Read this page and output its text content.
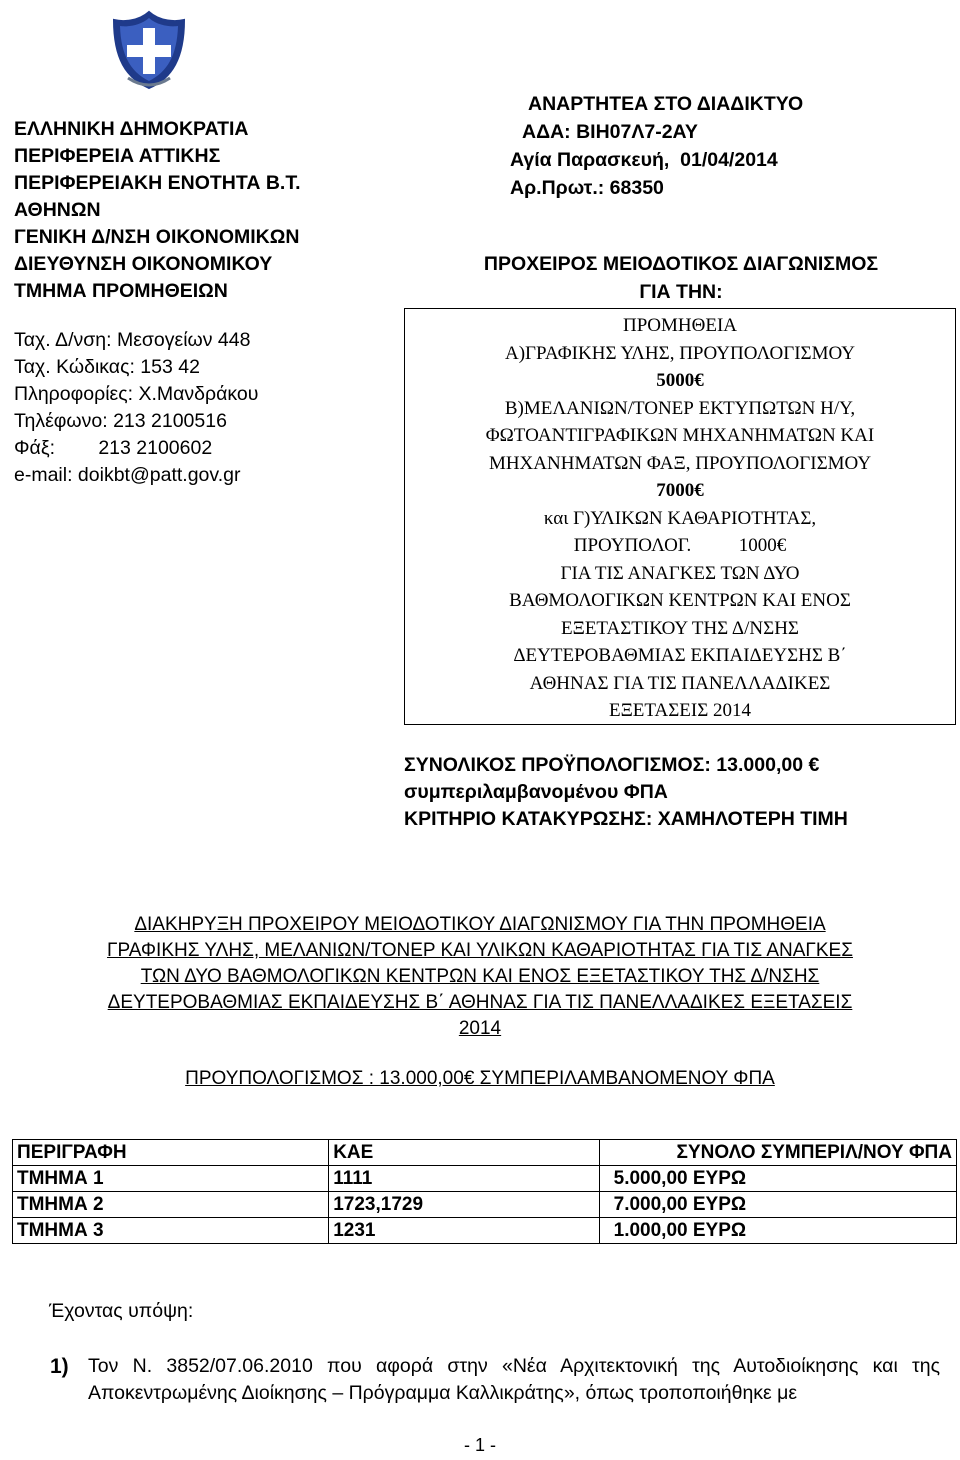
ΕΛΛΗΝΙΚΗ ΔΗΜΟΚΡΑΤΙΑ
ΠΕΡΙΦΕΡΕΙΑ ΑΤΤΙΚΗΣ
ΠΕΡΙΦΕΡΕΙΑΚΗ ΕΝΟΤΗΤΑ Β.Τ.
ΑΘΗΝΩΝ
ΓΕΝΙΚΗ Δ/ΝΣΗ ΟΙΚΟΝΟΜΙΚΩΝ
ΔΙΕΥΘΥΝΣΗ ΟΙΚΟΝΟΜΙΚΟΥ
ΤΜΗΜΑ ΠΡΟΜΗΘΕΙΩΝ
Ταχ. Δ/νση: Μεσογείων 448
Ταχ. Κώδικας: 153 42
Πληροφορίες: Χ.Μανδράκου
Τηλέφωνο: 213 2100516
Φάξ:        213 2100602
e-mail: doikbt@patt.gov.gr
ΑΝΑΡΤΗΤΕΑ ΣΤΟ ΔΙΑΔΙΚΤΥΟ
ΑΔΑ: ΒΙΗ07Λ7-2ΑΥ
Αγία Παρασκευή,  01/04/2014
Αρ.Πρωτ.: 68350
ΠΡΟΧΕΙΡΟΣ ΜΕΙΟΔΟΤΙΚΟΣ ΔΙΑΓΩΝΙΣΜΟΣ
ΓΙΑ ΤΗΝ:
ΠΡΟΜΗΘΕΙΑ
Α)ΓΡΑΦΙΚΗΣ ΥΛΗΣ, ΠΡΟΥΠΟΛΟΓΙΣΜΟΥ
5000€
Β)ΜΕΛΑΝΙΩΝ/ΤΟΝΕΡ ΕΚΤΥΠΩΤΩΝ Η/Υ,
ΦΩΤΟΑΝΤΙΓΡΑΦΙΚΩΝ ΜΗΧΑΝΗΜΑΤΩΝ ΚΑΙ
ΜΗΧΑΝΗΜΑΤΩΝ ΦΑΞ, ΠΡΟΥΠΟΛΟΓΙΣΜΟΥ
7000€
και Γ)ΥΛΙΚΩΝ ΚΑΘΑΡΙΟΤΗΤΑΣ,
ΠΡΟΥΠΟΛΟΓ.          1000€
ΓΙΑ ΤΙΣ ΑΝΑΓΚΕΣ ΤΩΝ ΔΥΟ
ΒΑΘΜΟΛΟΓΙΚΩΝ ΚΕΝΤΡΩΝ ΚΑΙ ΕΝΟΣ
ΕΞΕΤΑΣΤΙΚΟΥ ΤΗΣ Δ/ΝΣΗΣ
ΔΕΥΤΕΡΟΒΑΘΜΙΑΣ ΕΚΠΑΙΔΕΥΣΗΣ Β΄
ΑΘΗΝΑΣ ΓΙΑ ΤΙΣ ΠΑΝΕΛΛΑΔΙΚΕΣ
ΕΞΕΤΑΣΕΙΣ 2014
ΣΥΝΟΛΙΚΟΣ ΠΡΟΫΠΟΛΟΓΙΣΜΟΣ: 13.000,00 €
συμπεριλαμβανομένου ΦΠΑ
ΚΡΙΤΗΡΙΟ ΚΑΤΑΚΥΡΩΣΗΣ: ΧΑΜΗΛΟΤΕΡΗ ΤΙΜΗ
ΔΙΑΚΗΡΥΞΗ ΠΡΟΧΕΙΡΟΥ ΜΕΙΟΔΟΤΙΚΟΥ ΔΙΑΓΩΝΙΣΜΟΥ ΓΙΑ ΤΗΝ ΠΡΟΜΗΘΕΙΑ
ΓΡΑΦΙΚΗΣ ΥΛΗΣ, ΜΕΛΑΝΙΩΝ/ΤΟΝΕΡ ΚΑΙ ΥΛΙΚΩΝ ΚΑΘΑΡΙΟΤΗΤΑΣ ΓΙΑ ΤΙΣ ΑΝΑΓΚΕΣ
ΤΩΝ ΔΥΟ ΒΑΘΜΟΛΟΓΙΚΩΝ ΚΕΝΤΡΩΝ ΚΑΙ ΕΝΟΣ ΕΞΕΤΑΣΤΙΚΟΥ ΤΗΣ Δ/ΝΣΗΣ
ΔΕΥΤΕΡΟΒΑΘΜΙΑΣ ΕΚΠΑΙΔΕΥΣΗΣ Β΄ ΑΘΗΝΑΣ ΓΙΑ ΤΙΣ ΠΑΝΕΛΛΑΔΙΚΕΣ ΕΞΕΤΑΣΕΙΣ
2014
ΠΡΟΥΠΟΛΟΓΙΣΜΟΣ : 13.000,00€ ΣΥΜΠΕΡΙΛΑΜΒΑΝΟΜΕΝΟΥ ΦΠΑ
ΠΕΡΙΓΡΑΦΗ	ΚΑΕ	ΣΥΝΟΛΟ ΣΥΜΠΕΡΙΛ/ΝΟΥ ΦΠΑ
ΤΜΗΜΑ 1	1111	5.000,00 ΕΥΡΩ
ΤΜΗΜΑ 2	1723,1729	7.000,00 ΕΥΡΩ
ΤΜΗΜΑ 3	1231	1.000,00 ΕΥΡΩ
Έχοντας υπόψη:
1) Τον Ν. 3852/07.06.2010 που αφορά στην «Νέα Αρχιτεκτονική της Αυτοδιοίκησης και της Αποκεντρωμένης Διοίκησης – Πρόγραμμα Καλλικράτης», όπως τροποποιήθηκε με
- 1 -
